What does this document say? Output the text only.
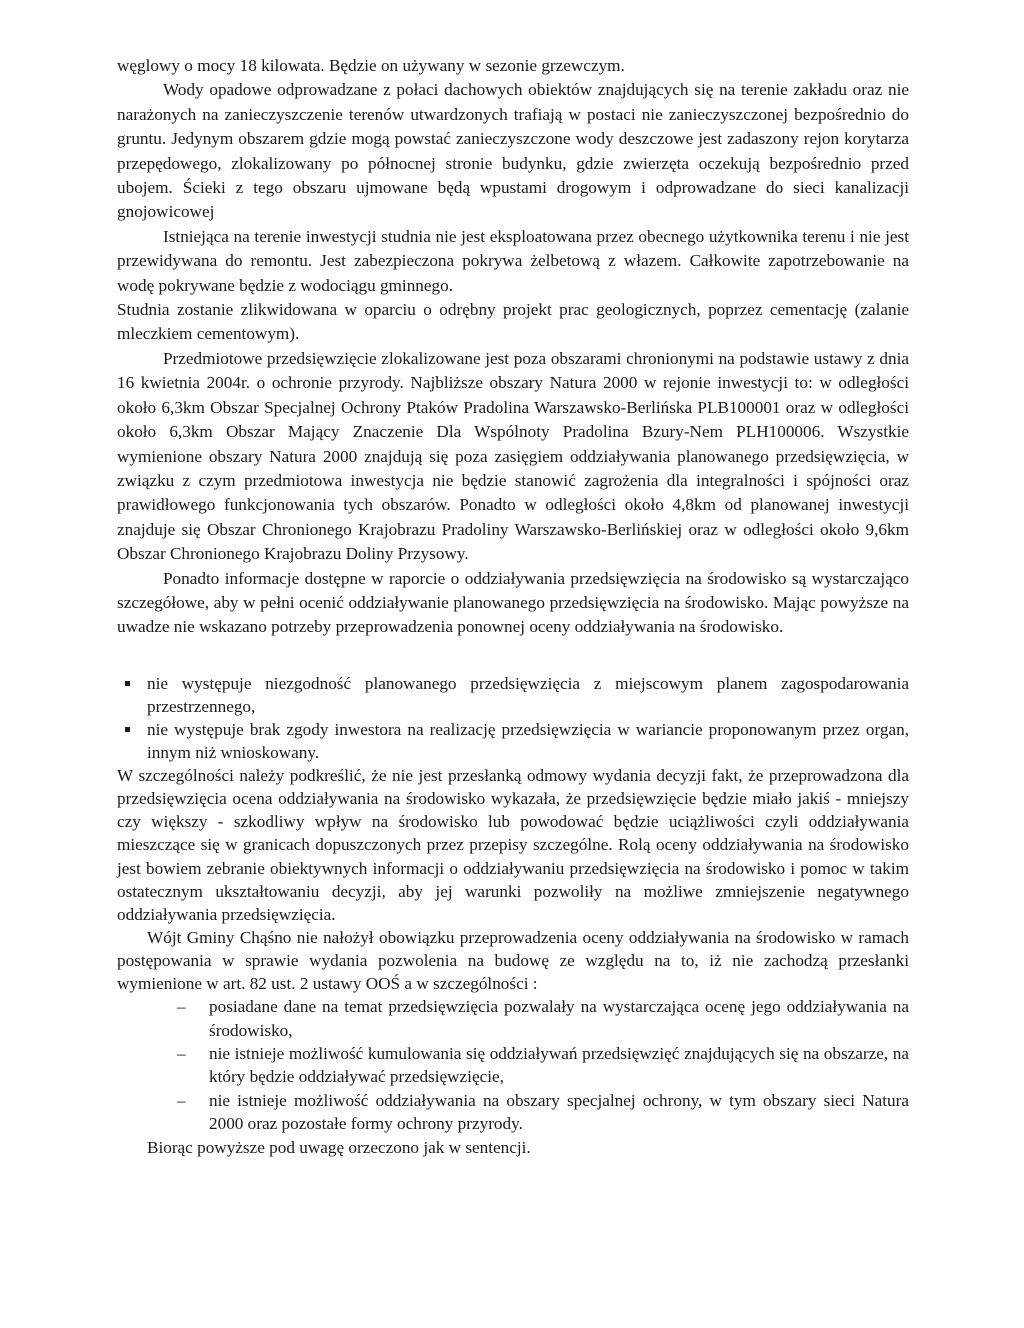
węglowy o mocy 18 kilowata. Będzie on używany w sezonie grzewczym.

Wody opadowe odprowadzane z połaci dachowych obiektów znajdujących się na terenie zakładu oraz nie narażonych na zanieczyszczenie terenów utwardzonych trafiają w postaci nie zanieczyszczonej bezpośrednio do gruntu. Jedynym obszarem gdzie mogą powstać zanieczyszczone wody deszczowe jest zadaszony rejon korytarza przepędowego, zlokalizowany po północnej stronie budynku, gdzie zwierzęta oczekują bezpośrednio przed ubojem. Ścieki z tego obszaru ujmowane będą wpustami drogowym i odprowadzane do sieci kanalizacji gnojowicowej

Istniejąca na terenie inwestycji studnia nie jest eksploatowana przez obecnego użytkownika terenu i nie jest przewidywana do remontu. Jest zabezpieczona pokrywa żelbetową z włazem. Całkowite zapotrzebowanie na wodę pokrywane będzie z wodociągu gminnego.

Studnia zostanie zlikwidowana w oparciu o odrębny projekt prac geologicznych, poprzez cementację (zalanie mleczkiem cementowym).

Przedmiotowe przedsięwzięcie zlokalizowane jest poza obszarami chronionymi na podstawie ustawy z dnia 16 kwietnia 2004r. o ochronie przyrody. Najbliższe obszary Natura 2000 w rejonie inwestycji to: w odległości około 6,3km Obszar Specjalnej Ochrony Ptaków Pradolina Warszawsko-Berlińska PLB100001 oraz w odległości około 6,3km Obszar Mający Znaczenie Dla Wspólnoty Pradolina Bzury-Nem PLH100006. Wszystkie wymienione obszary Natura 2000 znajdują się poza zasięgiem oddziaływania planowanego przedsięwzięcia, w związku z czym przedmiotowa inwestycja nie będzie stanowić zagrożenia dla integralności i spójności oraz prawidłowego funkcjonowania tych obszarów. Ponadto w odległości około 4,8km od planowanej inwestycji znajduje się Obszar Chronionego Krajobrazu Pradoliny Warszawsko-Berlińskiej oraz w odległości około 9,6km Obszar Chronionego Krajobrazu Doliny Przysowy.

Ponadto informacje dostępne w raporcie o oddziaływania przedsięwzięcia na środowisko są wystarczająco szczegółowe, aby w pełni ocenić oddziaływanie planowanego przedsięwzięcia na środowisko. Mając powyższe na uwadze nie wskazano potrzeby przeprowadzenia ponownej oceny oddziaływania na środowisko.

nie występuje niezgodność planowanego przedsięwzięcia z miejscowym planem zagospodarowania przestrzennego,
nie występuje brak zgody inwestora na realizację przedsięwzięcia w wariancie proponowanym przez organ, innym niż wnioskowany.

W szczególności należy podkreślić, że nie jest przesłanką odmowy wydania decyzji fakt, że przeprowadzona dla przedsięwzięcia ocena oddziaływania na środowisko wykazała, że przedsięwzięcie będzie miało jakiś - mniejszy czy większy - szkodliwy wpływ na środowisko lub powodować będzie uciążliwości czyli oddziaływania mieszczące się w granicach dopuszczonych przez przepisy szczególne. Rolą oceny oddziaływania na środowisko jest bowiem zebranie obiektywnych informacji o oddziaływaniu przedsięwzięcia na środowisko i pomoc w takim ostatecznym ukształtowaniu decyzji, aby jej warunki pozwoliły na możliwe zmniejszenie negatywnego oddziaływania przedsięwzięcia.

Wójt Gminy Chąśno nie nałożył obowiązku przeprowadzenia oceny oddziaływania na środowisko w ramach postępowania w sprawie wydania pozwolenia na budowę ze względu na to, iż nie zachodzą przesłanki wymienione w art. 82 ust. 2 ustawy OOŚ a w szczególności :

– posiadane dane na temat przedsięwzięcia pozwalały na wystarczająca ocenę jego oddziaływania na środowisko,
– nie istnieje możliwość kumulowania się oddziaływań przedsięwzięć znajdujących się na obszarze, na który będzie oddziaływać przedsięwzięcie,
– nie istnieje możliwość oddziaływania na obszary specjalnej ochrony, w tym obszary sieci Natura 2000 oraz pozostałe formy ochrony przyrody.

Biorąc powyższe pod uwagę orzeczono jak w sentencji.
